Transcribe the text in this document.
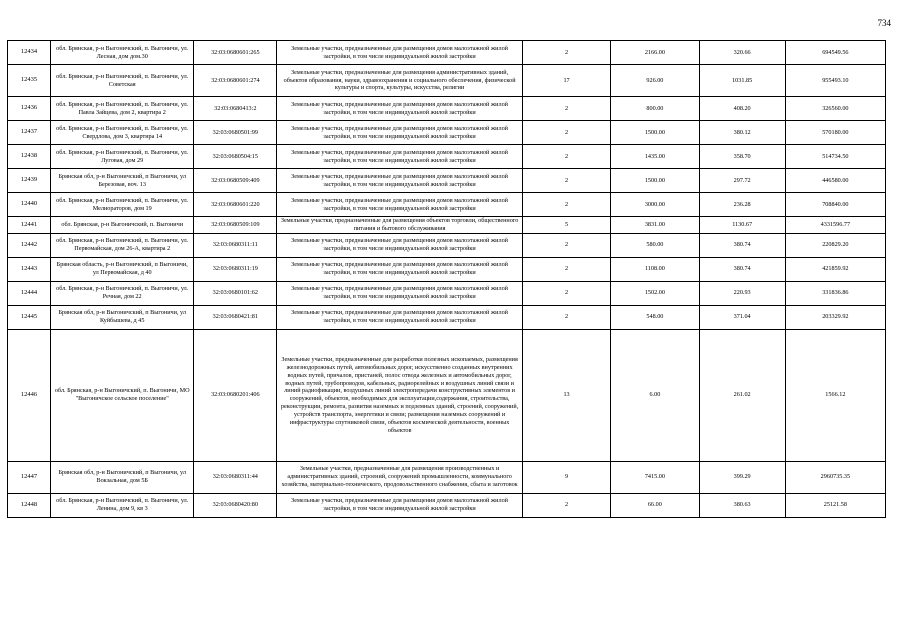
734
12434	обл. Брянская, р-н Выгоничский, п. Выгоничи, ул. Лесная, дом дом.30	32:03:0680601:265	Земельные участки, предназначенные для размещения домов малоэтажной жилой застройки, в том числе индивидуальной жилой застройки	2	2166.00	320.66	694549.56
12435	обл. Брянская, р-н Выгоничский, п. Выгоничи, ул. Советская	32:03:0680601:274	Земельные участки, предназначенные для размещения административных зданий, объектов образования, науки, здравоохранения и социального обеспечения, физической культуры и спорта, культуры, искусства, религии	17	926.00	1031.85	955493.10
12436	обл. Брянская, р-н Выгоничский, п. Выгоничи, ул. Павла Зайцева, дом 2, квартира 2	32:03:0680413:2	Земельные участки, предназначенные для размещения домов малоэтажной жилой застройки, в том числе индивидуальной жилой застройки	2	800.00	408.20	326560.00
12437	обл. Брянская, р-н Выгоничский, п. Выгоничи, ул. Свердлова, дом 3, квартира 14	32:03:0680501:99	Земельные участки, предназначенные для размещения домов малоэтажной жилой застройки, в том числе индивидуальной жилой застройки	2	1500.00	380.12	570180.00
12438	обл. Брянская, р-н Выгоничский, п. Выгоничи, ул. Луговая, дом 29	32:03:0680504:15	Земельные участки, предназначенные для размещения домов малоэтажной жилой застройки, в том числе индивидуальной жилой застройки	2	1435.00	358.70	514734.50
12439	Брянская обл, р-н Выгоничский, п Выгоничи, ул Березовая, воч. 13	32:03:0680509:409	Земельные участки, предназначенные для размещения домов малоэтажной жилой застройки, в том числе индивидуальной жилой застройки	2	1500.00	297.72	446580.00
12440	обл. Брянская, р-н Выгоничский, п. Выгоничи, ул. Мелиораторов, дом 19	32:03:0680601:220	Земельные участки, предназначенные для размещения домов малоэтажной жилой застройки, в том числе индивидуальной жилой застройки	2	3000.00	236.28	708840.00
12441	обл. Брянская, р-н Выгоничский, п. Выгоничи	32:03:0680509:109	Земельные участки, предназначенные для размещения объектов торговли, общественного питания и бытового обслуживания	5	3831.00	1130.67	4331596.77
12442	обл. Брянская, р-н Выгоничский, п. Выгоничи, ул. Первомайская, дом 26-А, квартира 2	32:03:0680311:11	Земельные участки, предназначенные для размещения домов малоэтажной жилой застройки, в том числе индивидуальной жилой застройки	2	580.00	380.74	220829.20
12443	Брянская область, р-н Выгоничский, п Выгоничи, ул Первомайская, д 40	32:03:0680311:19	Земельные участки, предназначенные для размещения домов малоэтажной жилой застройки, в том числе индивидуальной жилой застройки	2	1108.00	380.74	421859.92
12444	обл. Брянская, р-н Выгоничский, п. Выгоничи, ул. Речная, дом 22	32:03:0680101:62	Земельные участки, предназначенные для размещения домов малоэтажной жилой застройки, в том числе индивидуальной жилой застройки	2	1502.00	220.93	331836.86
12445	Брянская обл, р-н Выгоничский, п Выгоничи, ул Куйбышева, д 45	32:03:0680421:81	Земельные участки, предназначенные для размещения домов малоэтажной жилой застройки, в том числе индивидуальной жилой застройки	2	548.00	371.04	203329.92
12446	обл. Брянская, р-н Выгоничский, п. Выгоничи, МО "Выгоничское сельское поселение"	32:03:0680201:406	Земельные участки, предназначенные для разработки полезных ископаемых, размещения железнодорожных путей, автомобильных дорог, искусственно созданных внутренних водных путей, причалов, пристаней, полос отвода железных и автомобильных дорог, водных путей, трубопроводов, кабельных, радиорелейных и воздушных линий связи и линий радиофикации, воздушных линий электропередачи конструктивных элементов и сооружений, объектов, необходимых для эксплуатации,содержания, строительства, реконструкции, ремонта, развития наземных и подземных зданий, строений, сооружений, устройств транспорта, энергетики и связи; размещения наземных сооружений и инфраструктуры спутниковой связи, объектов космической деятельности, военных объектов	13	6.00	261.02	1566.12
12447	Брянская обл, р-н Выгоничский, п Выгоничи, ул Вокзальная, дом 5Б	32:03:0680311:44	Земельные участки, предназначенные для размещения производственных и административных зданий, строений, сооружений промышленности, коммунального хозяйства, материально-технического, продовольственного снабжения, сбыта и заготовок	9	7415.00	399.29	2960735.35
12448	обл. Брянская, р-н Выгоничский, п. Выгоничи, ул. Ленина, дом 9, кв 3	32:03:0680420:80	Земельные участки, предназначенные для размещения домов малоэтажной жилой застройки, в том числе индивидуальной жилой застройки	2	66.00	380.63	25121.58
